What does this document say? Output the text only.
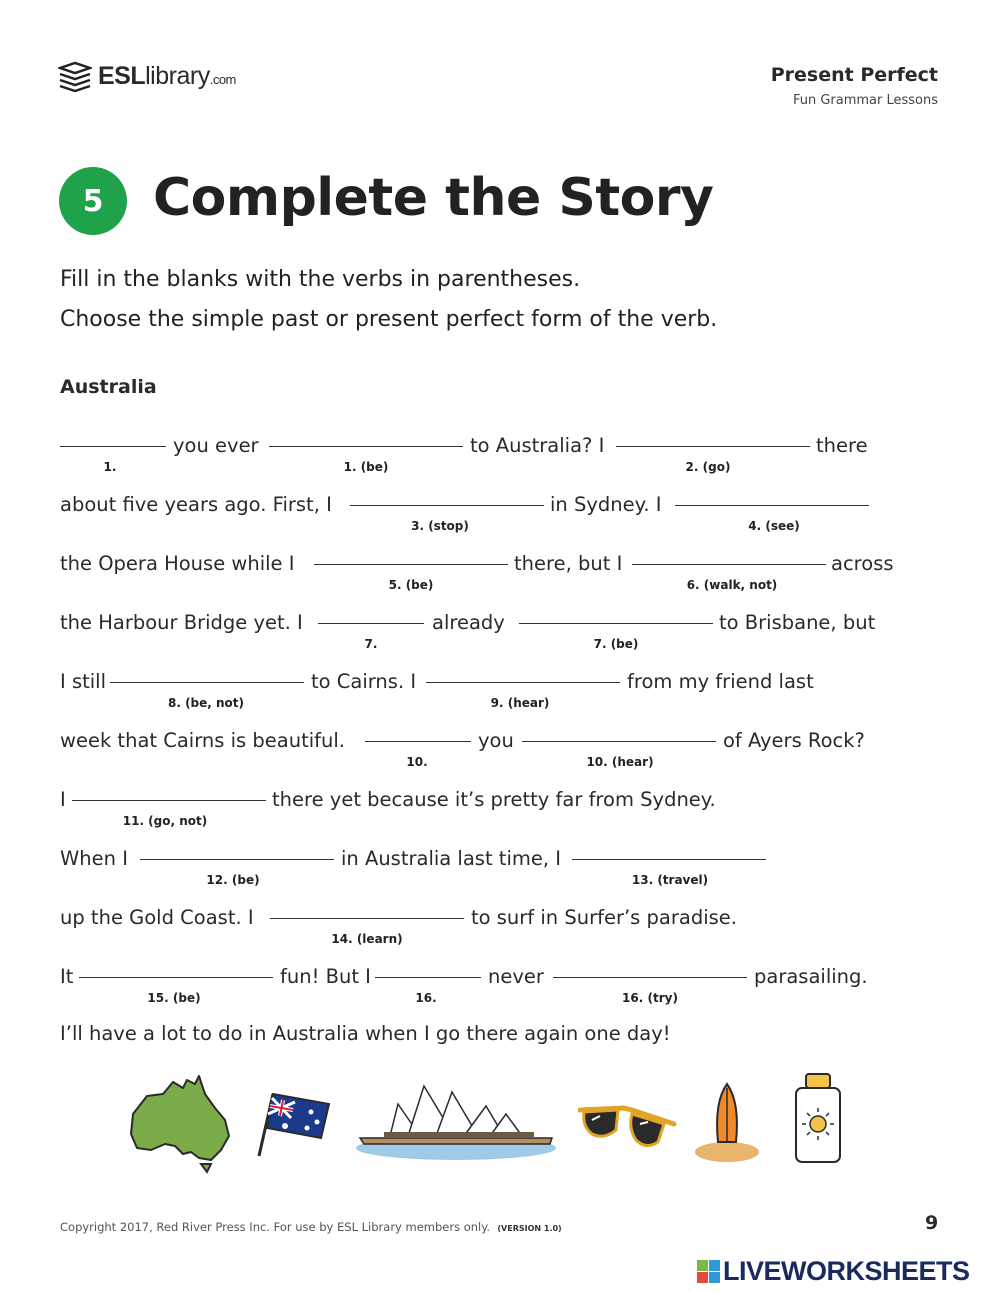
ESLlibrary.com	Present Perfect
Fun Grammar Lessons
5 Complete the Story
Fill in the blanks with the verbs in parentheses.
Choose the simple past or present perfect form of the verb.
Australia
you ever	to Australia? I	there
1.	1. (be)	2. (go)
about five years ago. First, I	in Sydney. I
3. (stop)	4. (see)
the Opera House while I	there, but I	across
5. (be)	6. (walk, not)
the Harbour Bridge yet. I	already	to Brisbane, but
7.	7. (be)
I still	to Cairns. I	from my friend last
8. (be, not)	9. (hear)
week that Cairns is beautiful.	you	of Ayers Rock?
10.	10. (hear)
I	there yet because it’s pretty far from Sydney.
11. (go, not)
When I	in Australia last time, I
12. (be)	13. (travel)
up the Gold Coast. I	to surf in Surfer’s paradise.
14. (learn)
It	fun! But I	never	parasailing.
15. (be)	16.	16. (try)
I’ll have a lot to do in Australia when I go there again one day!
Copyright 2017, Red River Press Inc. For use by ESL Library members only. (VERSION 1.0)	9
LIVEWORKSHEETS
